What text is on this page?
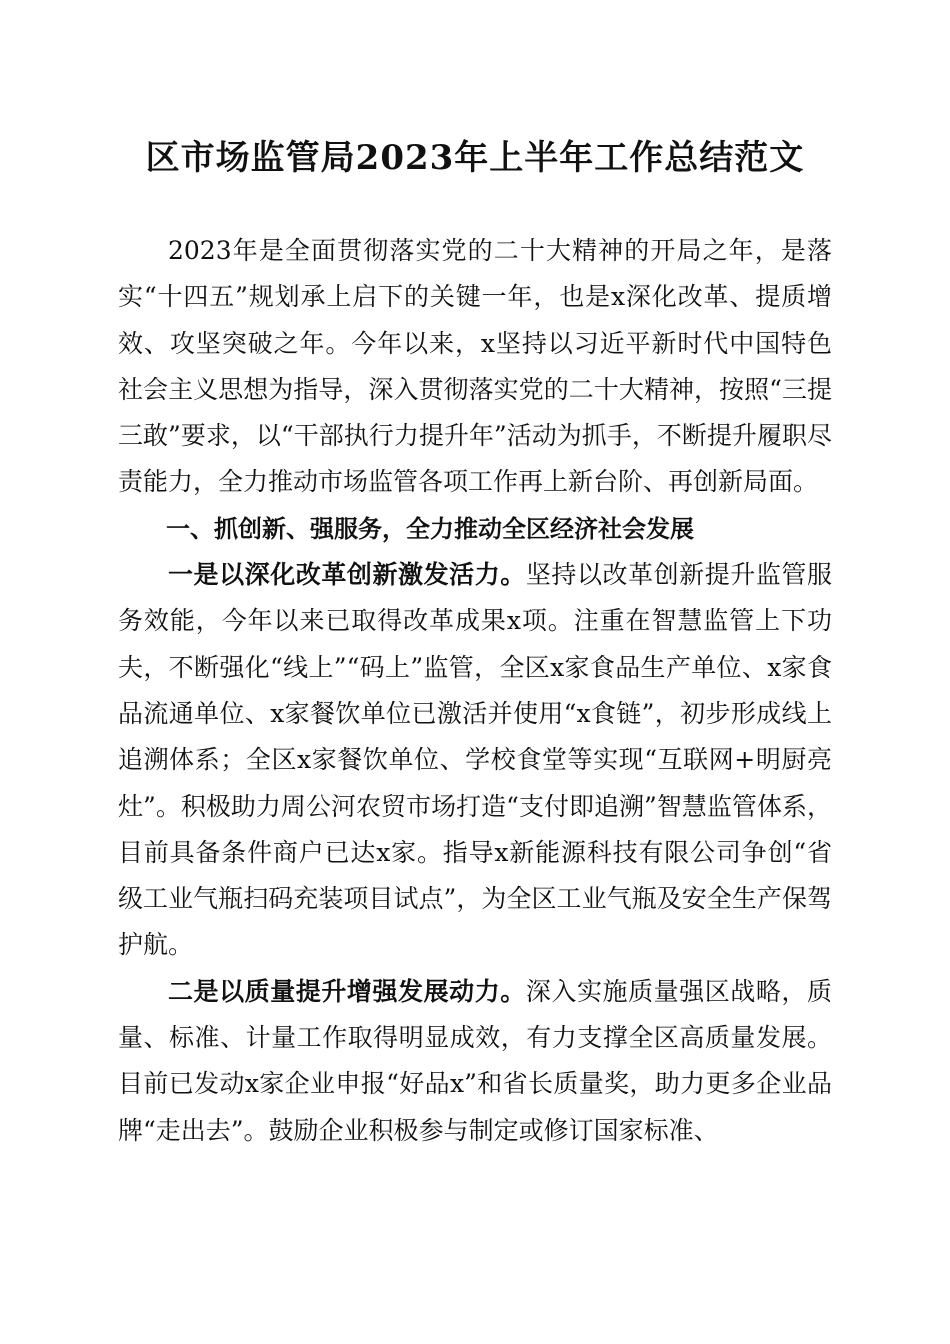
区市场监管局2023年上半年工作总结范文

2023年是全面贯彻落实党的二十大精神的开局之年，是落实“十四五”规划承上启下的关键一年，也是x深化改革、提质增效、攻坚突破之年。今年以来，x坚持以习近平新时代中国特色社会主义思想为指导，深入贯彻落实党的二十大精神，按照“三提三敢”要求，以“干部执行力提升年”活动为抓手，不断提升履职尽责能力，全力推动市场监管各项工作再上新台阶、再创新局面。

一、抓创新、强服务，全力推动全区经济社会发展

一是以深化改革创新激发活力。坚持以改革创新提升监管服务效能，今年以来已取得改革成果x项。注重在智慧监管上下功夫，不断强化“线上”“码上”监管，全区x家食品生产单位、x家食品流通单位、x家餐饮单位已激活并使用“x食链”，初步形成线上追溯体系；全区x家餐饮单位、学校食堂等实现“互联网+明厨亮灶”。积极助力周公河农贸市场打造“支付即追溯”智慧监管体系，目前具备条件商户已达x家。指导x新能源科技有限公司争创“省级工业气瓶扫码充装项目试点”，为全区工业气瓶及安全生产保驾护航。

二是以质量提升增强发展动力。深入实施质量强区战略，质量、标准、计量工作取得明显成效，有力支撑全区高质量发展。目前已发动x家企业申报“好品x”和省长质量奖，助力更多企业品牌“走出去”。鼓励企业积极参与制定或修订国家标准、
